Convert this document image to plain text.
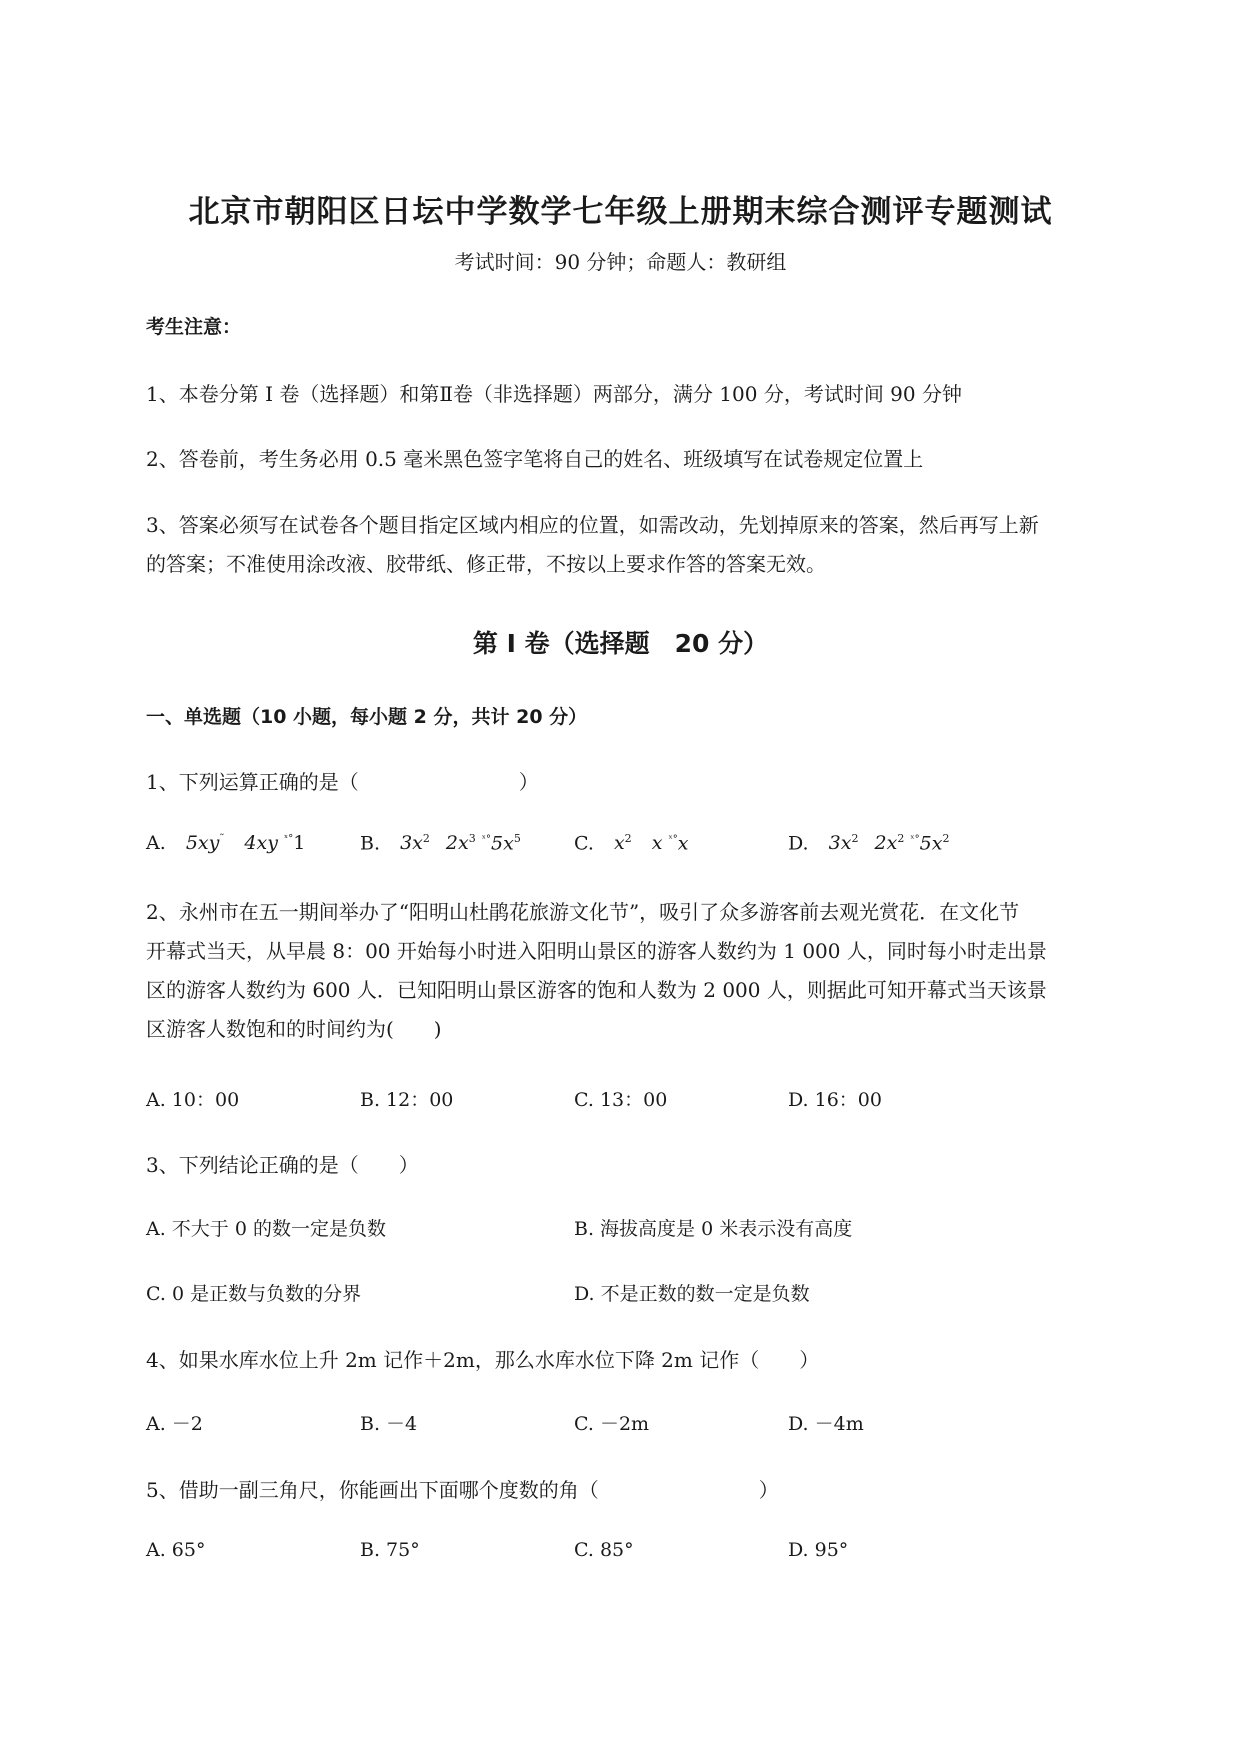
北京市朝阳区日坛中学数学七年级上册期末综合测评专题测试
考试时间：90 分钟；命题人：教研组
考生注意：
1、本卷分第 I 卷（选择题）和第Ⅱ卷（非选择题）两部分，满分 100 分，考试时间 90 分钟
2、答卷前，考生务必用 0.5 毫米黑色签字笔将自己的姓名、班级填写在试卷规定位置上
3、答案必须写在试卷各个题目指定区域内相应的位置，如需改动，先划掉原来的答案，然后再写上新
的答案；不准使用涂改液、胶带纸、修正带，不按以上要求作答的答案无效。
第 I 卷（选择题　20 分）
一、单选题（10 小题，每小题 2 分，共计 20 分）
1、下列运算正确的是（　　　　　　　　）
A. 5xy˜ 4xy $^{ˣ^\circ}$1	B. $3x^2$ $2x^3$ $^{ˣ^\circ}5x^5$	C. $x^2$ x $^{ˣ^\circ}$x	D. $3x^2$ $2x^2$ $^{ˣ^\circ}5x^2$
2、永州市在五一期间举办了“阳明山杜鹃花旅游文化节”，吸引了众多游客前去观光赏花．在文化节
开幕式当天，从早晨 8：00 开始每小时进入阳明山景区的游客人数约为 1 000 人，同时每小时走出景
区的游客人数约为 600 人．已知阳明山景区游客的饱和人数为 2 000 人，则据此可知开幕式当天该景
区游客人数饱和的时间约为(　　)
A. 10：00	B. 12：00	C. 13：00	D. 16：00
3、下列结论正确的是（　　）
A. 不大于 0 的数一定是负数	B. 海拔高度是 0 米表示没有高度
C. 0 是正数与负数的分界	D. 不是正数的数一定是负数
4、如果水库水位上升 2m 记作＋2m，那么水库水位下降 2m 记作（　　）
A. －2	B. －4	C. －2m	D. －4m
5、借助一副三角尺，你能画出下面哪个度数的角（　　　　　　　　）
A. 65°	B. 75°	C. 85°	D. 95°
